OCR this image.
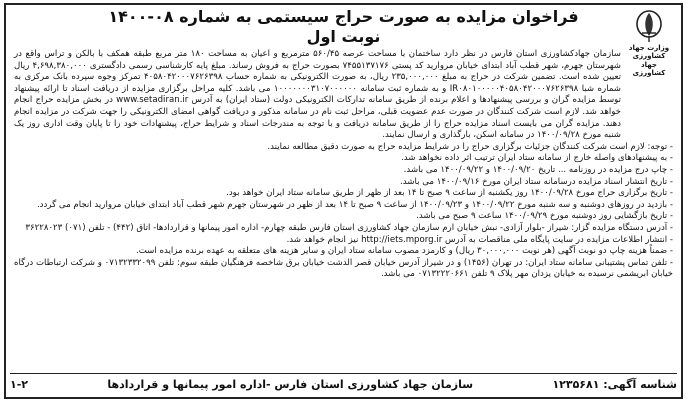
وزارت جهاد کشاورزی
جهاد کشاورزی
فراخوان مزایده به صورت حراج سیستمی به شماره ۰۸-۱۴۰۰
نوبت اول

سازمان جهادکشاورزی استان فارس در نظر دارد ساختمان با مساحت عرصه ۵۶۰/۴۵ مترمربع و اعیان به مساحت ۱۸۰ متر مربع طبقه همکف با بالکن و تراس واقع در شهرستان جهرم، شهر قطب آباد ابتدای خیابان مروارید کد پستی ۷۴۵۵۱۳۷۱۷۶ بصورت حراج به فروش رساند. مبلغ پایه کارشناسی رسمی دادگستری ۴,۶۹۸,۳۸۰,۰۰۰ ریال تعیین شده است. تضمین شرکت در حراج به مبلغ ۲۳۵,۰۰۰,۰۰۰ ریال، به صورت الکترونیکی به شماره حساب ۴۰۵۸۰۴۲۰۰۰۷۶۲۶۳۹۸ تمرکز وجوه سپرده بانک مرکزی به شماره شبا IR۰۸۰۱۰۰۰۰۰۴۰۵۸۰۴۲۰۰۰۷۶۲۶۳۹۸ و به شماره ثبت سامانه ۱۰۰۰۰۰۰۰۳۱۰۷۰۰۰۰۰۰ می باشد. کلیه مراحل برگزاری مزایده از دریافت اسناد تا ارائه پیشنهاد توسط مزایده گران و بررسی پیشنهادها و اعلام برنده از طریق سامانه تدارکات الکترونیکی دولت (ستاد ایران) به آدرس www.setadiran.ir در بخش مزایده حراج انجام خواهد شد. لازم است شرکت کنندگان در صورت عدم عضویت قبلی، مراحل ثبت نام در سامانه مذکور و دریافت گواهی امضای الکترونیکی را جهت شرکت در مزایده انجام دهند. مزایده گران می بایست اسناد مزایده حراج را از طریق سامانه دریافت و با توجه به مندرجات اسناد و شرایط حراج، پیشنهادات خود را تا پایان وقت اداری روز یک شنبه مورخ ۱۴۰۰/۰۹/۲۸ در سامانه اسکن، بارگذاری و ارسال نمایند.

- توجه: لازم است شرکت کنندگان جزئیات برگزاری حراج را در شرایط مزایده حراج به صورت دقیق مطالعه نمایند.

- به پیشنهادهای واصله خارج از سامانه ستاد ایران ترتیب اثر داده نخواهد شد.

- چاپ درج مزایده در روزنامه ... تاریخ ۱۴۰۰/۰۹/۲۰ و ۱۴۰۰/۰۹/۲۲ می باشد.

- تاریخ انتشار اسناد مزایده درسامانه ستاد ایران مورخ ۱۴۰۰/۰۹/۱۶ می باشد.

- تاریخ برگزاری حراج مورخ ۱۴۰۰/۰۹/۲۸ روز یکشنبه از ساعت ۹ صبح تا ۱۴ بعد از ظهر از طریق سامانه ستاد ایران خواهد بود.

- بازدید در روزهای دوشنبه و سه شنبه مورخ ۱۴۰۰/۰۹/۲۲ و ۱۴۰۰/۰۹/۲۳ از ساعت ۹ صبح تا ۱۴ بعد از ظهر در شهرستان جهرم شهر قطب آباد ابتدای خیابان مروارید انجام می گردد.

- تاریخ بازگشایی روز دوشنبه مورخ ۱۴۰۰/۰۹/۲۹ ساعت ۹ صبح می باشد.

- آدرس دستگاه مزایده گزار: شیراز -بلوار آزادی- نبش خیابان ارم سازمان جهاد کشاورزی استان فارس طبقه چهارم- اداره امور پیمانها و قراردادها- اتاق (۴۴۲) - تلفن (۰۷۱) ۳۶۲۲۸۰۲۳

- انتشار اطلاعات مزایده در سایت پایگاه ملی مناقصات به آدرس http://iets.mporg.ir نیز انجام خواهد شد.

- ضمناً هزینه چاپ دو نوبت آگهی (هر نوبت ۳۰,۰۰۰,۰۰۰ ریال) و کارمزد مصوب سامانه ستاد ایران و سایر هزینه های متعلقه به عهده برنده مزایده است.

- تلفن تماس پشتیبانی سامانه ستاد ایران: در تهران (۱۴۵۶) و در شیراز آدرس خیابان قصر الدشت خیابان برق شاخصه فرهنگیان طبقه سوم: تلفن ۰۷۱۳۲۳۳۲۰۹۹ و شرکت ارتباطات درگاه خیابان ابریشمی نرسیده به خیابان یزدان مهر پلاک ۹ تلفن ۰۷۱۳۲۲۲۰۶۶۱ می باشد.

شناسه آگهی: ۱۲۳۵۶۸۱
سازمان جهاد کشاورزی استان فارس -اداره امور پیمانها و قراردادها
۱-۲
